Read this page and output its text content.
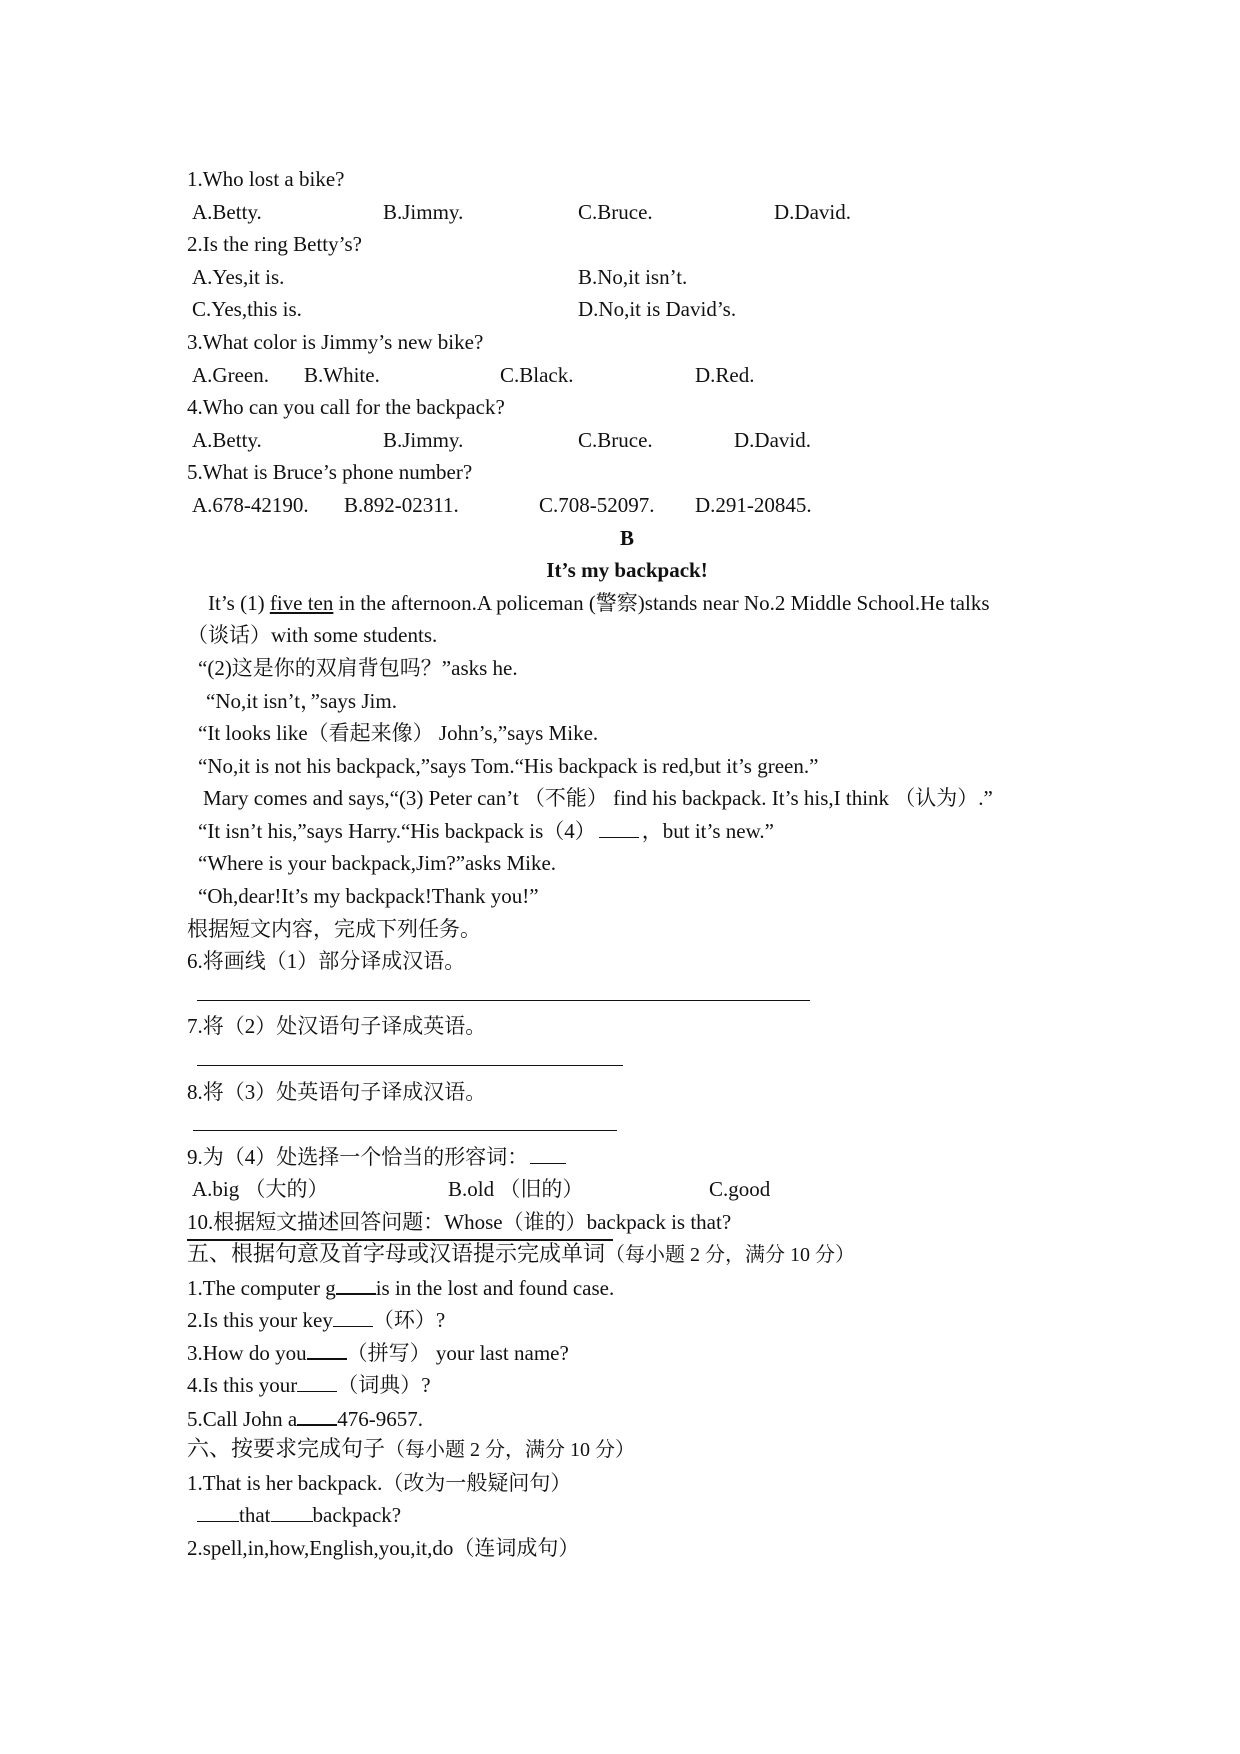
1.Who lost a bike?
A.Betty.	B.Jimmy.	C.Bruce.	D.David.
2.Is the ring Betty’s?
A.Yes,it is.	B.No,it isn’t.
C.Yes,this is.	D.No,it is David’s.
3.What color is Jimmy’s new bike?
A.Green. B.White.	C.Black.	D.Red.
4.Who can you call for the backpack?
A.Betty.	B.Jimmy.	C.Bruce.	D.David.
5.What is Bruce’s phone number?
A.678-42190. B.892-02311.	C.708-52097. D.291-20845.
B
It’s my backpack!
It’s (1) five ten in the afternoon.A policeman (警察)stands near No.2 Middle School.He talks
（谈话）with some students.
“(2)这是你的双肩背包吗？”asks he.
“No,it isn’t，”says Jim.
“It looks like（看起来像） John’s,”says Mike.
“No,it is not his backpack,”says Tom.“His backpack is red,but it’s green.”
Mary comes and says,“(3) Peter can’t （不能） find his backpack. It’s his,I think （认为）.”
“It isn’t his,”says Harry.“His backpack is（4） ，but it’s new.”
“Where is your backpack,Jim?”asks Mike.
“Oh,dear!It’s my backpack!Thank you!”
根据短文内容，完成下列任务。
6.将画线（1）部分译成汉语。
7.将（2）处汉语句子译成英语。
8.将（3）处英语句子译成汉语。
9.为（4）处选择一个恰当的形容词：
A.big （大的）	B.old （旧的）	C.good
10.根据短文描述回答问题：Whose（谁的）backpack is that?
五、根据句意及首字母或汉语提示完成单词（每小题 2 分，满分 10 分）
1.The computer g is in the lost and found case.
2.Is this your key （环）?
3.How do you （拼写） your last name?
4.Is this your （词典）?
5.Call John a 476-9657.
六、按要求完成句子（每小题 2 分，满分 10 分）
1.That is her backpack.（改为一般疑问句）
that backpack?
2.spell,in,how,English,you,it,do（连词成句）
